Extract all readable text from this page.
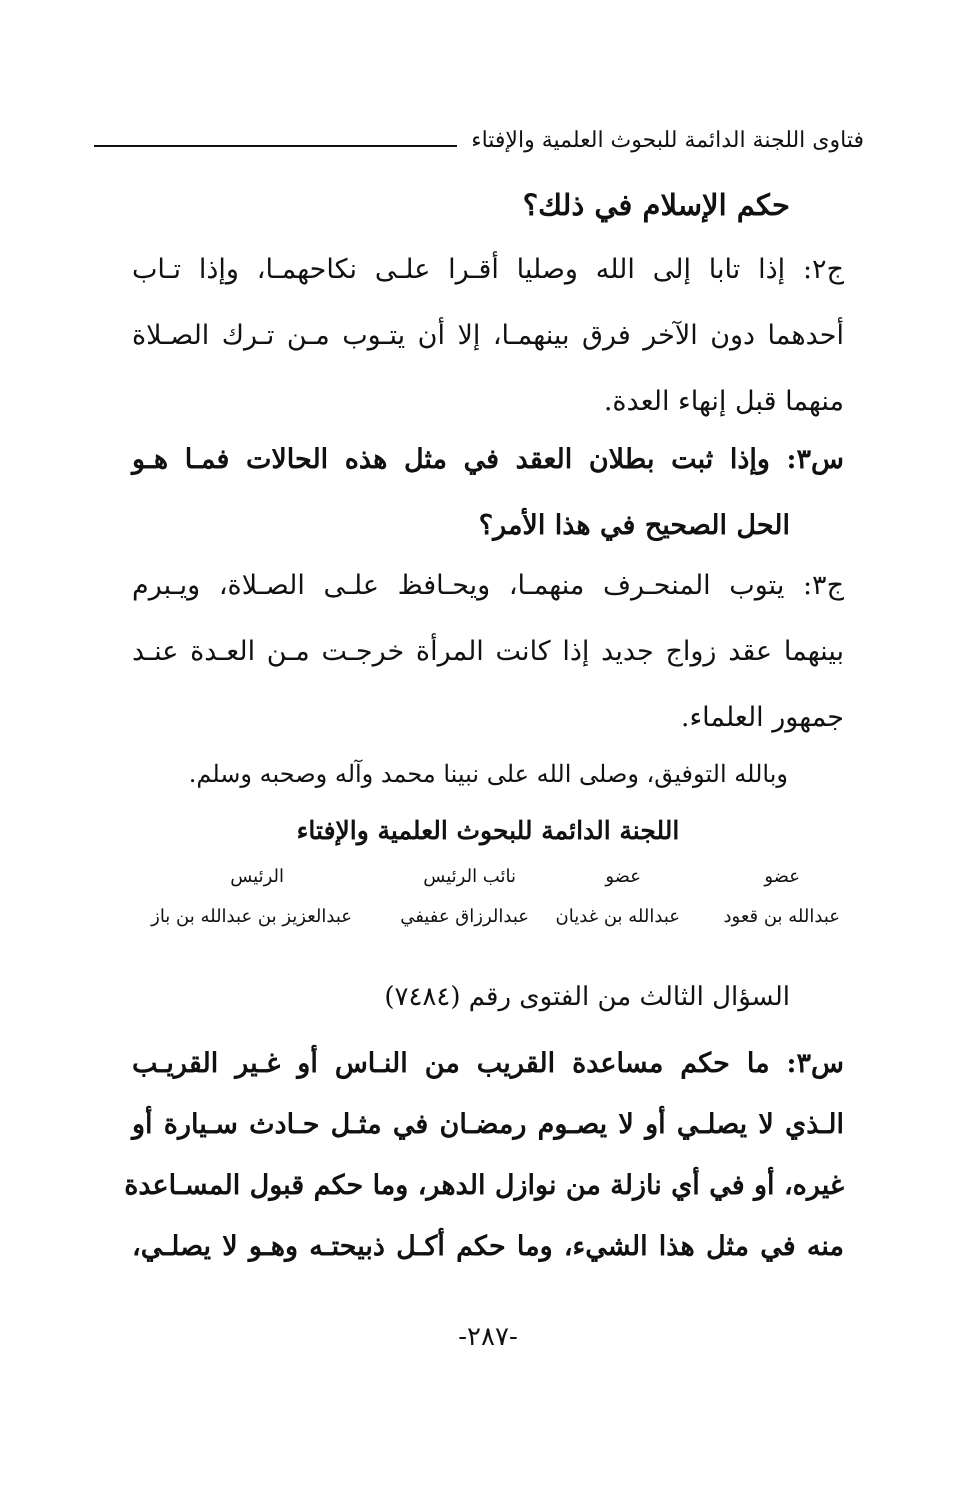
فتاوى اللجنة الدائمة للبحوث العلمية والإفتاء
حكم الإسلام في ذلك؟
ج٢: إذا تابا إلى الله وصليا أقـرا علـى نكاحهمـا، وإذا تـاب
أحدهما دون الآخر فرق بينهمـا، إلا أن يتـوب مـن تـرك الصـلاة
منهما قبل إنهاء العدة.
س٣: وإذا ثبت بطلان العقد في مثل هذه الحالات فمـا هـو
الحل الصحيح في هذا الأمر؟
ج٣: يتوب المنحـرف منهمـا، ويحـافظ علـى الصـلاة، ويـبرم
بينهما عقد زواج جديد إذا كانت المرأة خرجـت مـن العـدة عنـد
جمهور العلماء.
وبالله التوفيق، وصلى الله على نبينا محمد وآله وصحبه وسلم.
اللجنة الدائمة للبحوث العلمية والإفتاء
عضو
عضو
نائب الرئيس
الرئيس
عبدالله بن قعود
عبدالله بن غديان
عبدالرزاق عفيفي
عبدالعزيز بن عبدالله بن باز
السؤال الثالث من الفتوى رقم (٧٤٨٤)
س٣: ما حكم مساعدة القريب من النـاس أو غـير القريـب
الـذي لا يصلـي أو لا يصـوم رمضـان في مثـل حـادث سـيارة أو
غيره، أو في أي نازلة من نوازل الدهر، وما حكم قبول المسـاعدة
منه في مثل هذا الشيء، وما حكم أكـل ذبيحتـه وهـو لا يصلـي،
-٢٨٧-
